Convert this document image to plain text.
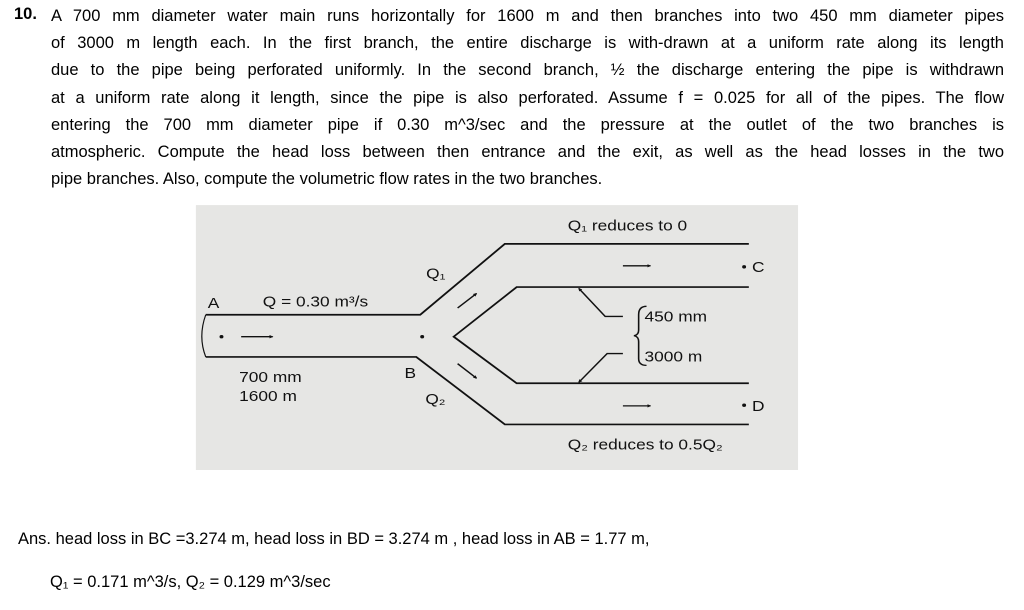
10. A 700 mm diameter water main runs horizontally for 1600 m and then branches into two 450 mm diameter pipes
of 3000 m length each. In the first branch, the entire discharge is with-drawn at a uniform rate along its length
due to the pipe being perforated uniformly. In the second branch, ½ the discharge entering the pipe is withdrawn
at a uniform rate along it length, since the pipe is also perforated. Assume f = 0.025 for all of the pipes. The flow
entering the 700 mm diameter pipe if 0.30 m^3/sec and the pressure at the outlet of the two branches is
atmospheric. Compute the head loss between then entrance and the exit, as well as the head losses in the two
pipe branches. Also, compute the volumetric flow rates in the two branches.
Q₁ reduces to 0
Q₁	C
A Q = 0.30 m³/s
450 mm
3000 m
700 mm
1600 m
B
Q₂	D
Q₂ reduces to 0.5Q₂
Ans. head loss in BC =3.274 m, head loss in BD = 3.274 m , head loss in AB = 1.77 m,
Q₁ = 0.171 m^3/s, Q₂ = 0.129 m^3/sec
